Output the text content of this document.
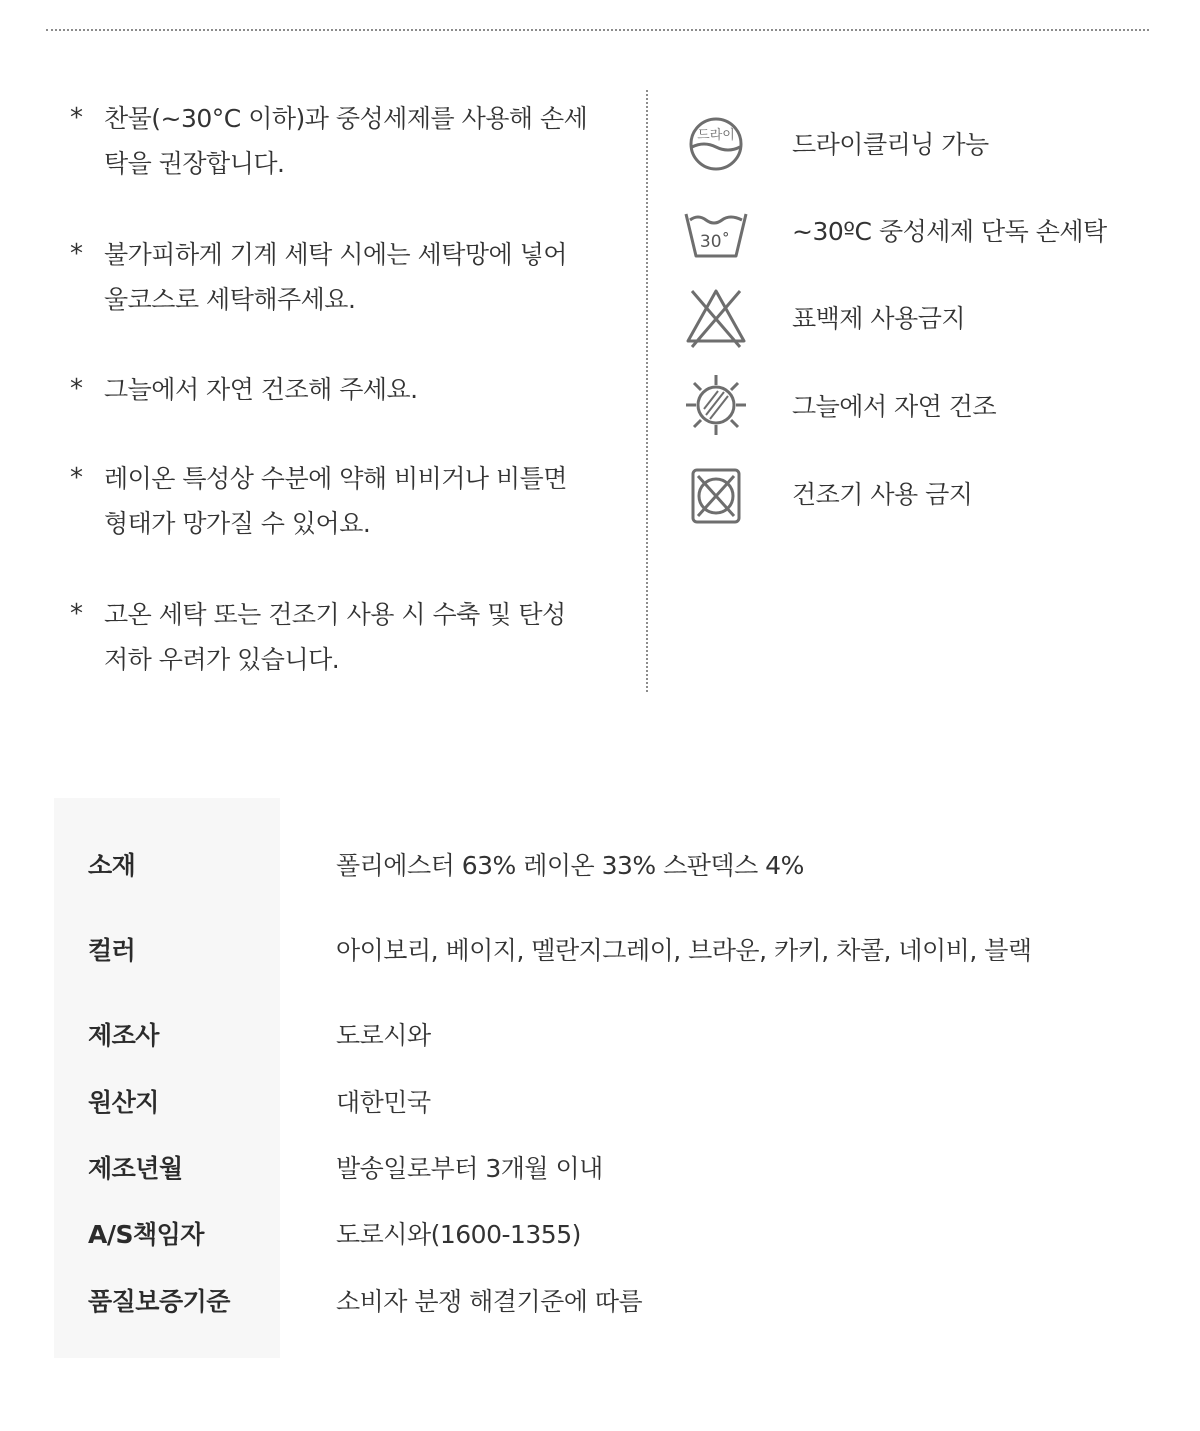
* 찬물(~30°C 이하)과 중성세제를 사용해 손세
탁을 권장합니다.
* 불가피하게 기계 세탁 시에는 세탁망에 넣어
울코스로 세탁해주세요.
* 그늘에서 자연 건조해 주세요.
* 레이온 특성상 수분에 약해 비비거나 비틀면
형태가 망가질 수 있어요.
* 고온 세탁 또는 건조기 사용 시 수축 및 탄성
저하 우려가 있습니다.
드라이 드라이클리닝 가능
30˚ ~30ºC 중성세제 단독 손세탁
표백제 사용금지
그늘에서 자연 건조
건조기 사용 금지
소재	폴리에스터 63% 레이온 33% 스판덱스 4%
컬러	아이보리, 베이지, 멜란지그레이, 브라운, 카키, 차콜, 네이비, 블랙
제조사	도로시와
원산지	대한민국
제조년월	발송일로부터 3개월 이내
A/S책임자	도로시와(1600-1355)
품질보증기준	소비자 분쟁 해결기준에 따름
